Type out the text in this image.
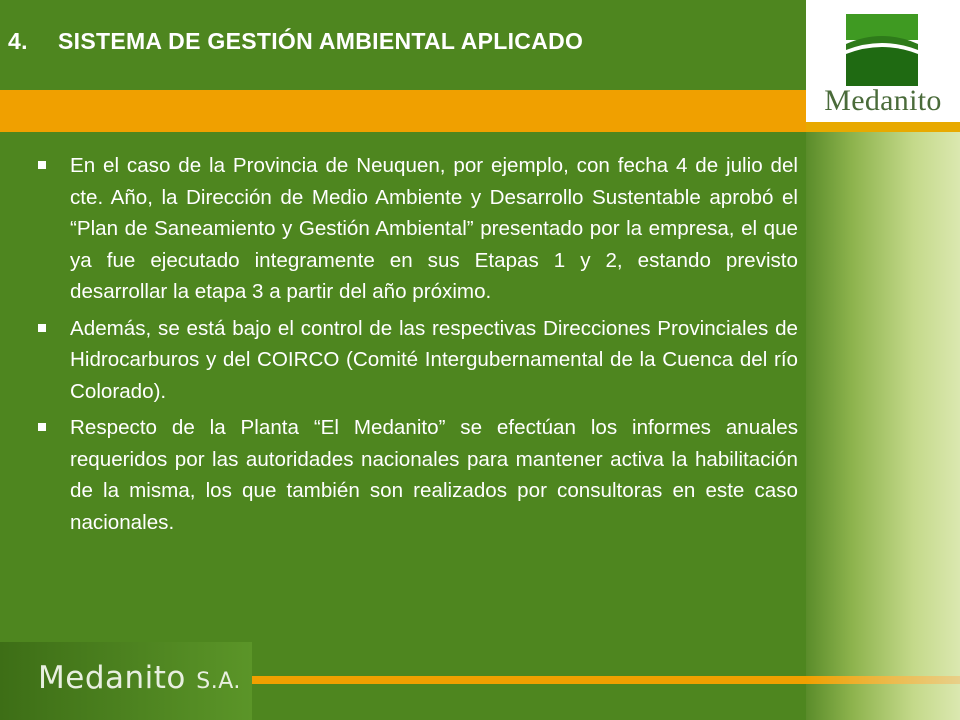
4. SISTEMA DE GESTIÓN AMBIENTAL APLICADO
Medanito
En el caso de la Provincia de Neuquen, por ejemplo, con fecha 4 de julio del cte. Año, la Dirección de Medio Ambiente y Desarrollo Sustentable aprobó el “Plan de Saneamiento y Gestión Ambiental” presentado por la empresa, el que ya fue ejecutado integramente en sus Etapas 1 y 2, estando previsto desarrollar la etapa 3 a partir del año próximo.
Además, se está bajo el control de las respectivas Direcciones Provinciales de Hidrocarburos y del COIRCO (Comité Intergubernamental de la Cuenca del río Colorado).
Respecto de la Planta “El Medanito” se efectúan los informes anuales requeridos por las autoridades nacionales para mantener activa la habilitación de la misma, los que también son realizados por consultoras en este caso nacionales.
Medanito S.A.
